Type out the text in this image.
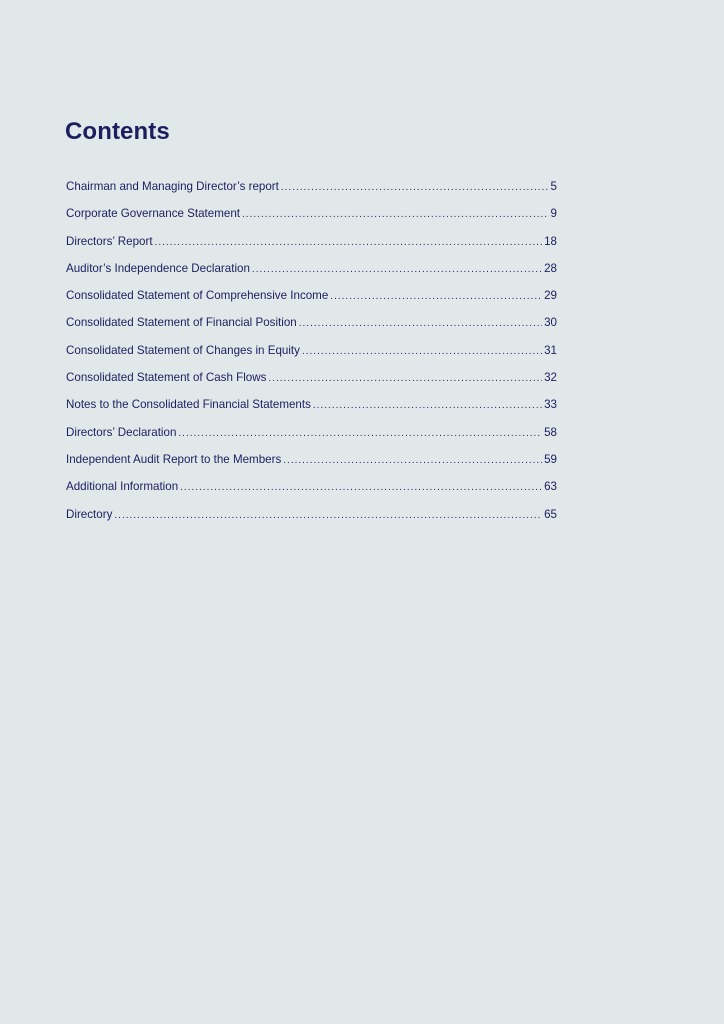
Contents
Chairman and Managing Director’s report .....	5
Corporate Governance Statement .....	9
Directors’ Report .....	18
Auditor’s Independence Declaration .....	28
Consolidated Statement of Comprehensive Income .....	29
Consolidated Statement of Financial Position .....	30
Consolidated Statement of Changes in Equity .....	31
Consolidated Statement of Cash Flows .....	32
Notes to the Consolidated Financial Statements .....	33
Directors’ Declaration .....	58
Independent Audit Report to the Members .....	59
Additional Information .....	63
Directory .....	65
